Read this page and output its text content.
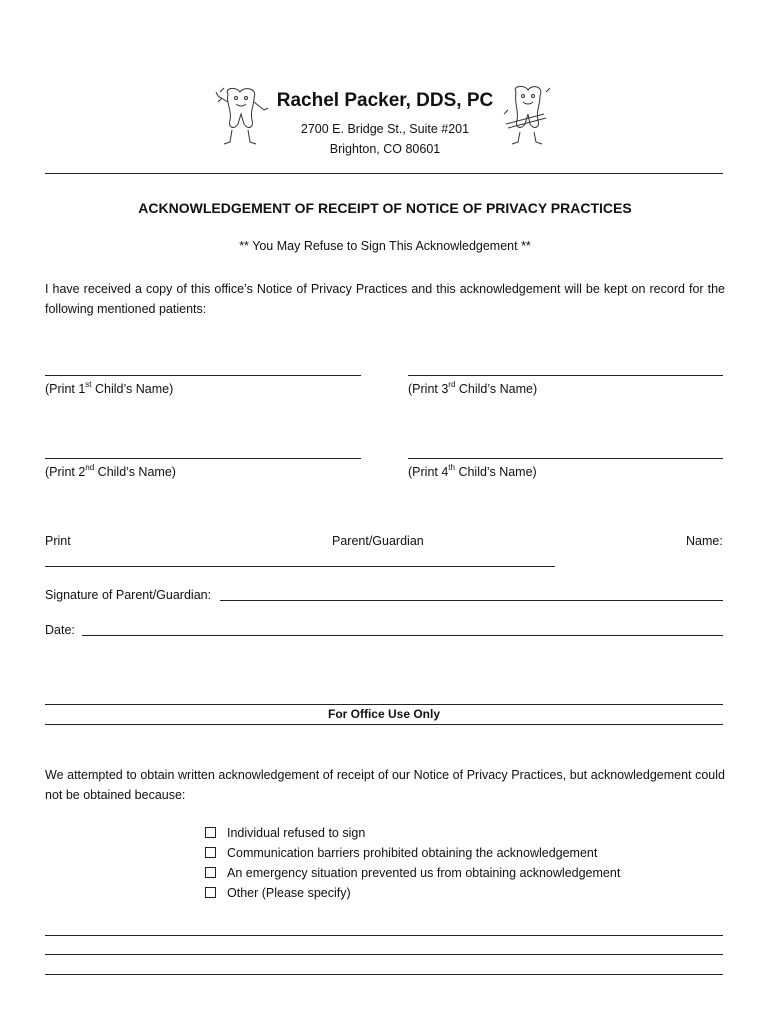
Rachel Packer, DDS, PC
2700 E. Bridge St., Suite #201
Brighton, CO 80601
ACKNOWLEDGEMENT OF RECEIPT OF NOTICE OF PRIVACY PRACTICES
** You May Refuse to Sign This Acknowledgement **
I have received a copy of this office’s Notice of Privacy Practices and this acknowledgement will be kept on record for the following mentioned patients:
(Print 1st Child’s Name)	(Print 3rd Child’s Name)
(Print 2nd Child’s Name)	(Print 4th Child’s Name)
Print	Parent/Guardian	Name:
Signature of Parent/Guardian:
Date:
For Office Use Only
We attempted to obtain written acknowledgement of receipt of our Notice of Privacy Practices, but acknowledgement could not be obtained because:
Individual refused to sign
Communication barriers prohibited obtaining the acknowledgement
An emergency situation prevented us from obtaining acknowledgement
Other (Please specify)
